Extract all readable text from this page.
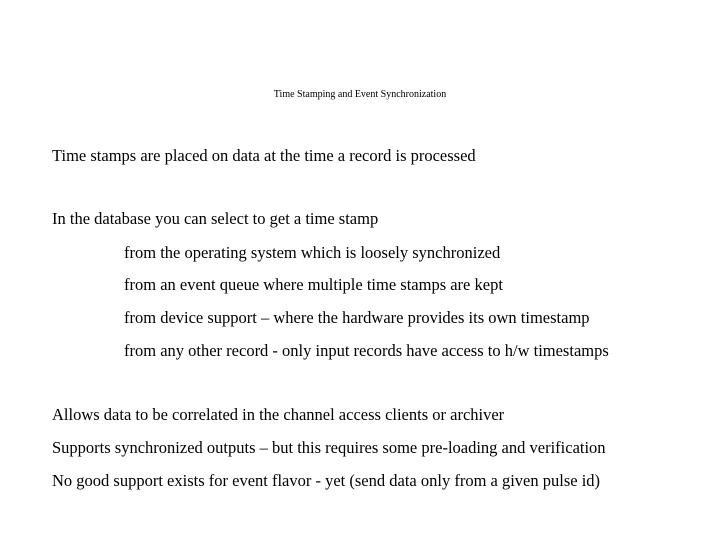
Time Stamping and Event Synchronization
Time stamps are placed on data at the time a record is processed
In the database you can select to get a time stamp
from the operating system which is loosely synchronized
from an event queue where multiple time stamps are kept
from device support – where the hardware provides its own timestamp
from any other record - only input records have access to h/w timestamps
Allows data to be correlated in the channel access clients or archiver
Supports synchronized outputs – but this requires some pre-loading and verification
No good support exists for event flavor - yet (send data only from a given pulse id)
